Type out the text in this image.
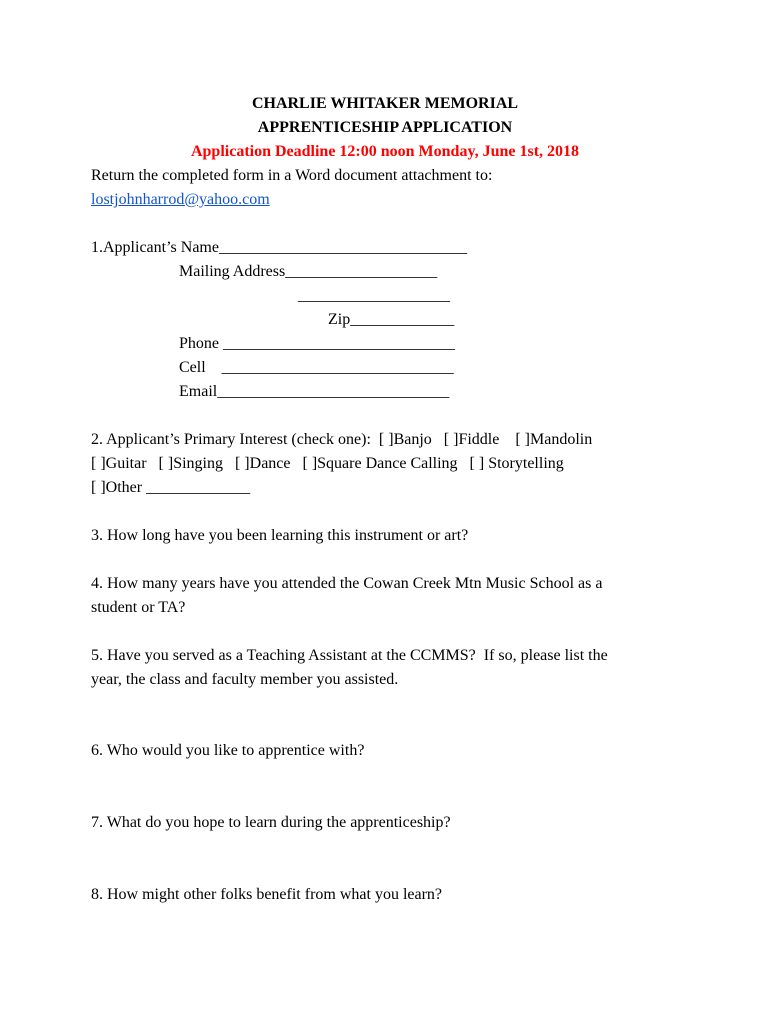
CHARLIE WHITAKER MEMORIAL
APPRENTICESHIP APPLICATION
Application Deadline 12:00 noon Monday, June 1st, 2018
Return the completed form in a Word document attachment to:
lostjohnharrod@yahoo.com
1.Applicant’s Name_______________________________
Mailing Address___________________
___________________
Zip_____________
Phone _____________________________
Cell    _____________________________
Email_____________________________
2. Applicant’s Primary Interest (check one):  [ ]Banjo   [ ]Fiddle    [ ]Mandolin
[ ]Guitar   [ ]Singing   [ ]Dance   [ ]Square Dance Calling   [ ] Storytelling
[ ]Other _____________
3. How long have you been learning this instrument or art?
4. How many years have you attended the Cowan Creek Mtn Music School as a
student or TA?
5. Have you served as a Teaching Assistant at the CCMMS?  If so, please list the
year, the class and faculty member you assisted.
6. Who would you like to apprentice with?
7. What do you hope to learn during the apprenticeship?
8. How might other folks benefit from what you learn?
